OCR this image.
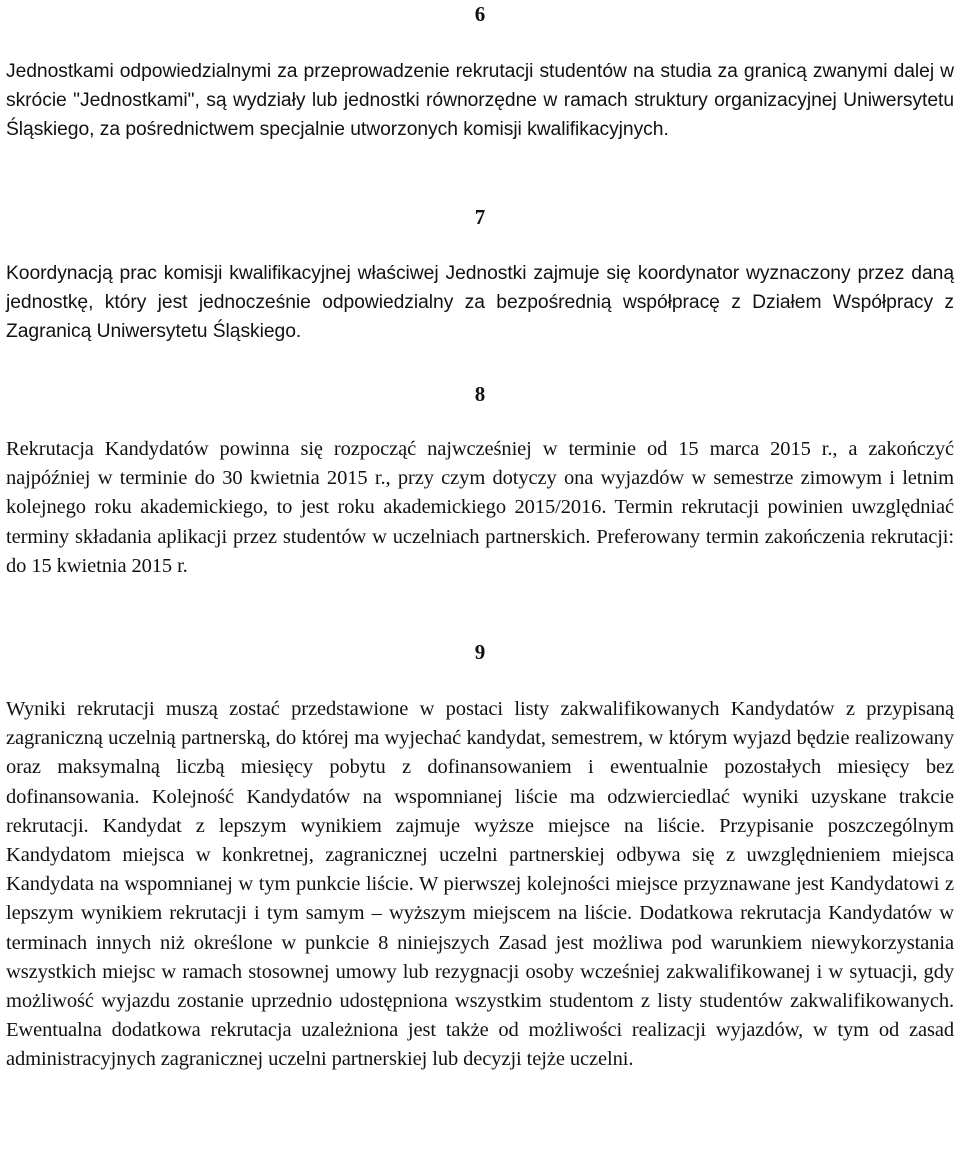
6

Jednostkami odpowiedzialnymi za przeprowadzenie rekrutacji studentów na studia za granicą zwanymi dalej w skrócie "Jednostkami", są wydziały lub jednostki równorzędne w ramach struktury organizacyjnej Uniwersytetu Śląskiego, za pośrednictwem specjalnie utworzonych komisji kwalifikacyjnych.

7

Koordynacją prac komisji kwalifikacyjnej właściwej Jednostki zajmuje się koordynator wyznaczony przez daną jednostkę, który jest jednocześnie odpowiedzialny za bezpośrednią współpracę z Działem Współpracy z Zagranicą Uniwersytetu Śląskiego.

8

Rekrutacja Kandydatów powinna się rozpocząć najwcześniej w terminie od 15 marca 2015 r., a zakończyć najpóźniej w terminie do 30 kwietnia 2015 r., przy czym dotyczy ona wyjazdów w semestrze zimowym i letnim kolejnego roku akademickiego, to jest roku akademickiego 2015/2016. Termin rekrutacji powinien uwzględniać terminy składania aplikacji przez studentów w uczelniach partnerskich. Preferowany termin zakończenia rekrutacji: do 15 kwietnia 2015 r.

9

Wyniki rekrutacji muszą zostać przedstawione w postaci listy zakwalifikowanych Kandydatów z przypisaną zagraniczną uczelnią partnerską, do której ma wyjechać kandydat, semestrem, w którym wyjazd będzie realizowany oraz maksymalną liczbą miesięcy pobytu z dofinansowaniem i ewentualnie pozostałych miesięcy bez dofinansowania. Kolejność Kandydatów na wspomnianej liście ma odzwierciedlać wyniki uzyskane trakcie rekrutacji. Kandydat z lepszym wynikiem zajmuje wyższe miejsce na liście. Przypisanie poszczególnym Kandydatom miejsca w konkretnej, zagranicznej uczelni partnerskiej odbywa się z uwzględnieniem miejsca Kandydata na wspomnianej w tym punkcie liście. W pierwszej kolejności miejsce przyznawane jest Kandydatowi z lepszym wynikiem rekrutacji i tym samym – wyższym miejscem na liście. Dodatkowa rekrutacja Kandydatów w terminach innych niż określone w punkcie 8 niniejszych Zasad jest możliwa pod warunkiem niewykorzystania wszystkich miejsc w ramach stosownej umowy lub rezygnacji osoby wcześniej zakwalifikowanej i w sytuacji, gdy możliwość wyjazdu zostanie uprzednio udostępniona wszystkim studentom z listy studentów zakwalifikowanych. Ewentualna dodatkowa rekrutacja uzależniona jest także od możliwości realizacji wyjazdów, w tym od zasad administracyjnych zagranicznej uczelni partnerskiej lub decyzji tejże uczelni.
